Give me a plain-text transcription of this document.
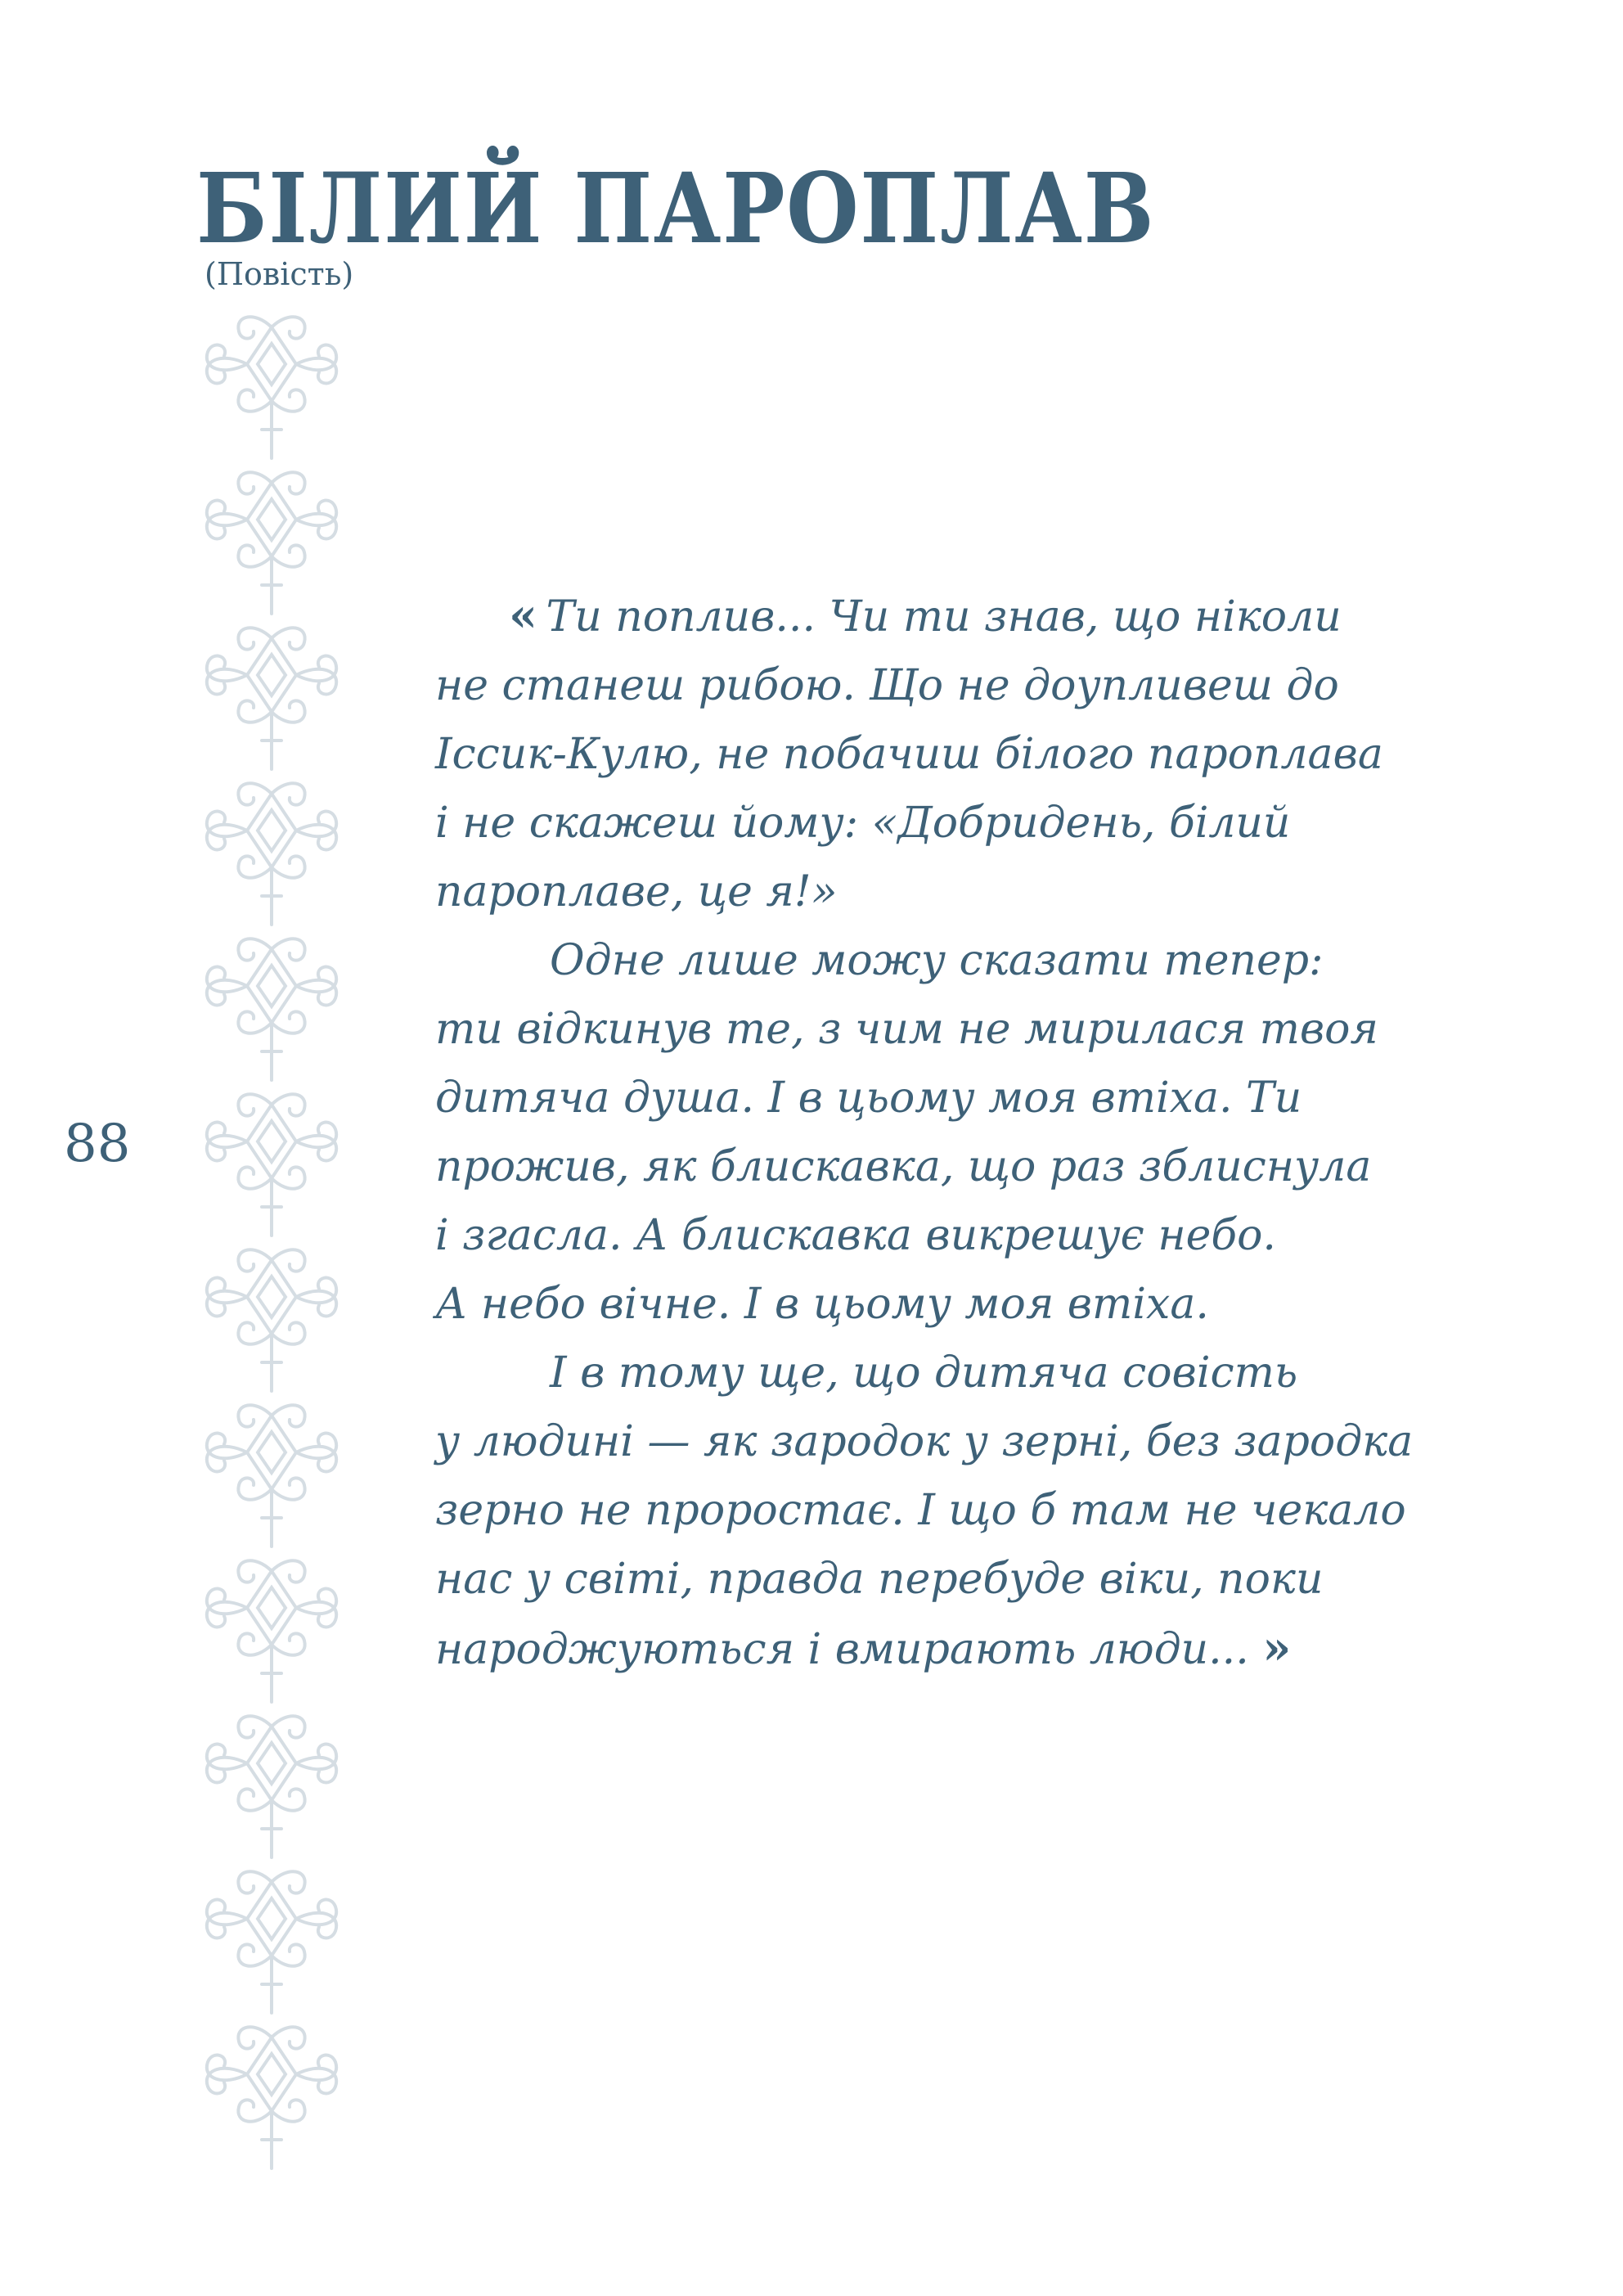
БІЛИЙ ПАРОПЛАВ
(Повість)
88
« Ти поплив... Чи ти знав, що ніколи
не станеш рибою. Що не доупливеш до
Іссик-Кулю, не побачиш білого пароплава
і не скажеш йому: «Добридень, білий
пароплаве, це я!»
Одне лише можу сказати тепер:
ти відкинув те, з чим не мирилася твоя
дитяча душа. І в цьому моя втіха. Ти
прожив, як блискавка, що раз зблиснула
і згасла. А блискавка викрешує небо.
А небо вічне. І в цьому моя втіха.
І в тому ще, що дитяча совість
у людині — як зародок у зерні, без зародка
зерно не проростає. І що б там не чекало
нас у світі, правда перебуде віки, поки
народжуються і вмирають люди... »
